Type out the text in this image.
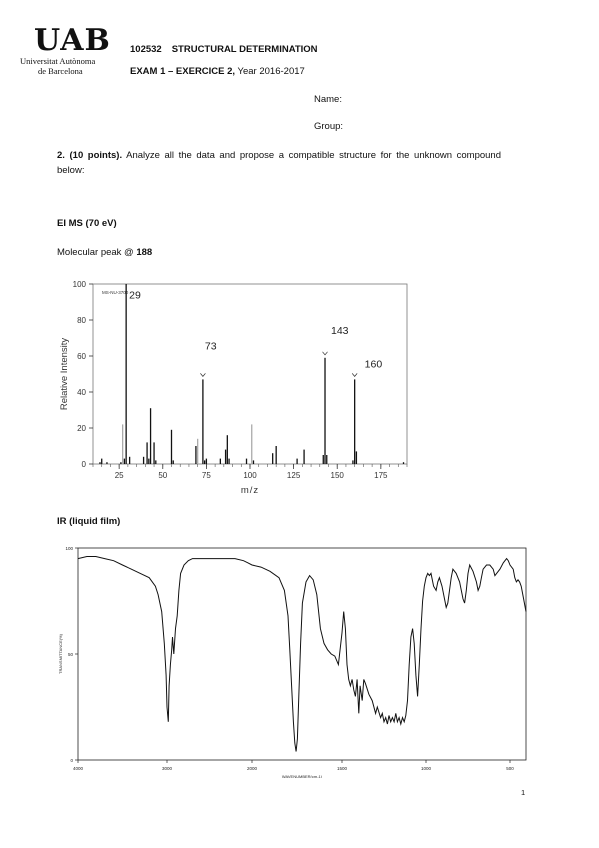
UAB
Universitat Autònoma
de Barcelona
102532 STRUCTURAL DETERMINATION
EXAM 1 – EXERCICE 2, Year 2016-2017
Name:
Group:
2. (10 points). Analyze all the data and propose a compatible structure for the unknown compound below:
EI MS (70 eV)
Molecular peak @ 188
25	50	75	100	125	150	175
0
20
40
60
80
100
m/z
Relative Intensity
MS-NU-3700 29
73
143
160
IR (liquid film)
4000	3000	2000	1500	1000	500
100
50
0
WAVENUMBER(cm-1)
TRANSMITTANCE(%)
1
